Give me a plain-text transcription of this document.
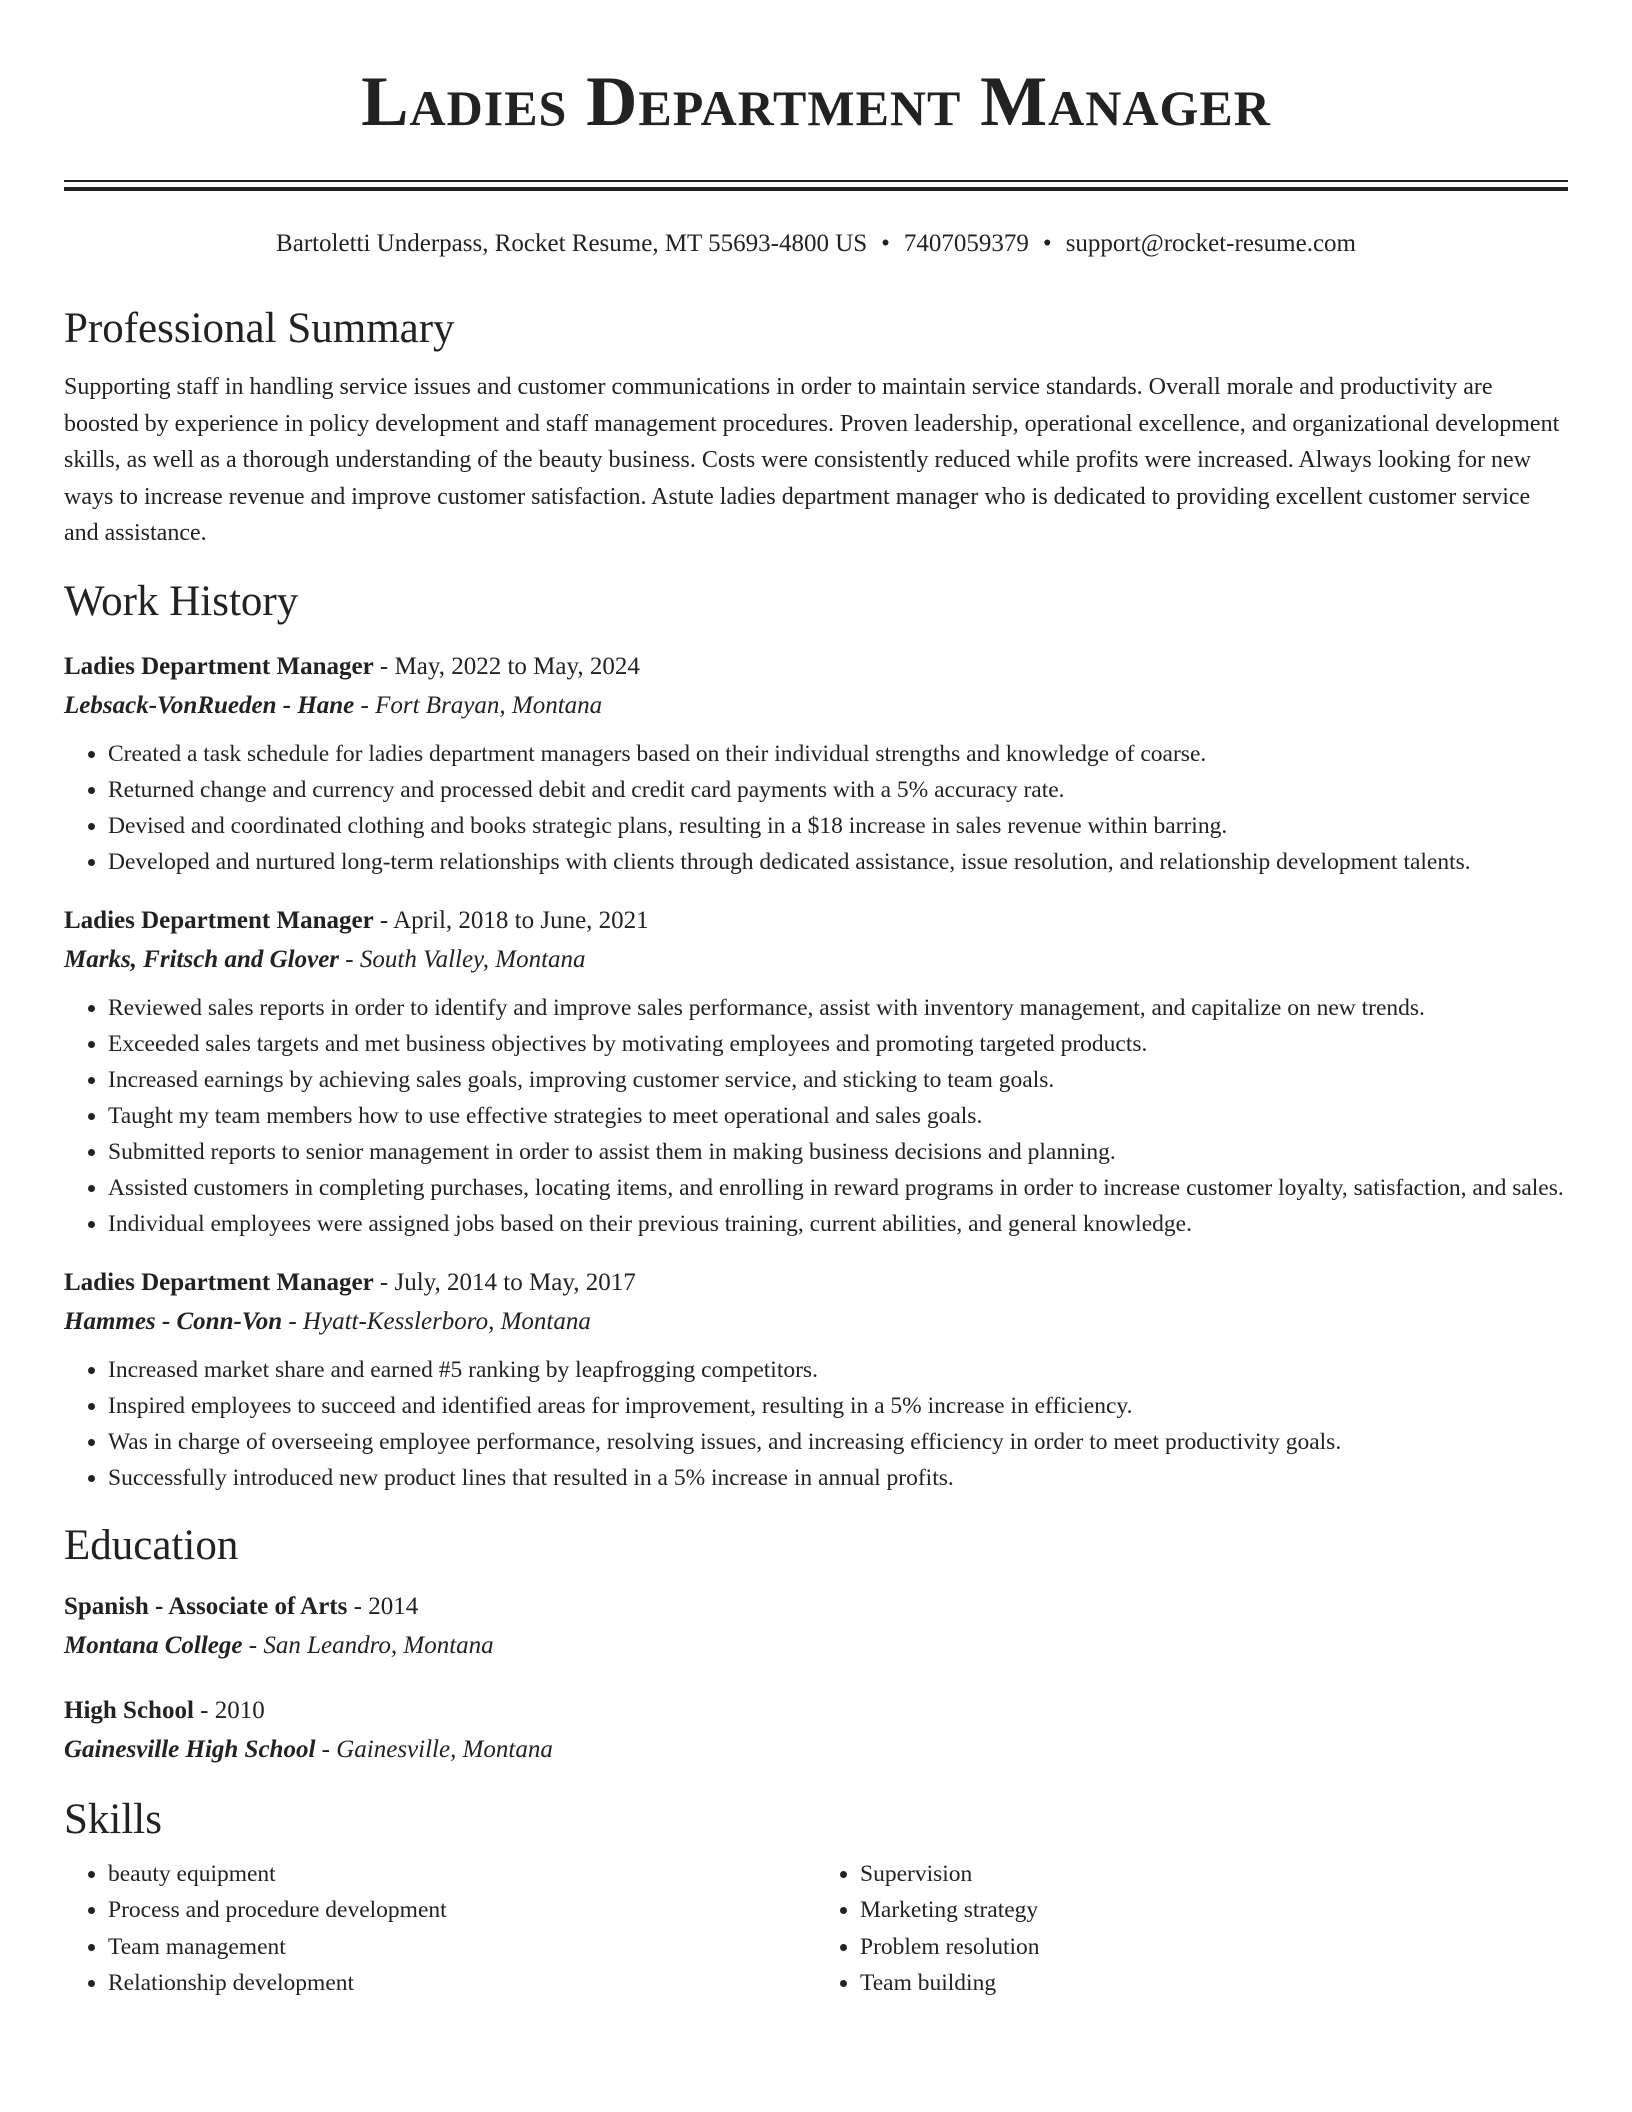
Ladies Department Manager
Bartoletti Underpass, Rocket Resume, MT 55693-4800 US • 7407059379 • support@rocket-resume.com
Professional Summary
Supporting staff in handling service issues and customer communications in order to maintain service standards. Overall morale and productivity are boosted by experience in policy development and staff management procedures. Proven leadership, operational excellence, and organizational development skills, as well as a thorough understanding of the beauty business. Costs were consistently reduced while profits were increased. Always looking for new ways to increase revenue and improve customer satisfaction. Astute ladies department manager who is dedicated to providing excellent customer service and assistance.
Work History
Ladies Department Manager - May, 2022 to May, 2024
Lebsack-VonRueden - Hane - Fort Brayan, Montana
• Created a task schedule for ladies department managers based on their individual strengths and knowledge of coarse.
• Returned change and currency and processed debit and credit card payments with a 5% accuracy rate.
• Devised and coordinated clothing and books strategic plans, resulting in a $18 increase in sales revenue within barring.
• Developed and nurtured long-term relationships with clients through dedicated assistance, issue resolution, and relationship development talents.
Ladies Department Manager - April, 2018 to June, 2021
Marks, Fritsch and Glover - South Valley, Montana
• Reviewed sales reports in order to identify and improve sales performance, assist with inventory management, and capitalize on new trends.
• Exceeded sales targets and met business objectives by motivating employees and promoting targeted products.
• Increased earnings by achieving sales goals, improving customer service, and sticking to team goals.
• Taught my team members how to use effective strategies to meet operational and sales goals.
• Submitted reports to senior management in order to assist them in making business decisions and planning.
• Assisted customers in completing purchases, locating items, and enrolling in reward programs in order to increase customer loyalty, satisfaction, and sales.
• Individual employees were assigned jobs based on their previous training, current abilities, and general knowledge.
Ladies Department Manager - July, 2014 to May, 2017
Hammes - Conn-Von - Hyatt-Kesslerboro, Montana
• Increased market share and earned #5 ranking by leapfrogging competitors.
• Inspired employees to succeed and identified areas for improvement, resulting in a 5% increase in efficiency.
• Was in charge of overseeing employee performance, resolving issues, and increasing efficiency in order to meet productivity goals.
• Successfully introduced new product lines that resulted in a 5% increase in annual profits.
Education
Spanish - Associate of Arts - 2014
Montana College - San Leandro, Montana
High School - 2010
Gainesville High School - Gainesville, Montana
Skills
• beauty equipment
• Process and procedure development
• Team management
• Relationship development
• Supervision
• Marketing strategy
• Problem resolution
• Team building
